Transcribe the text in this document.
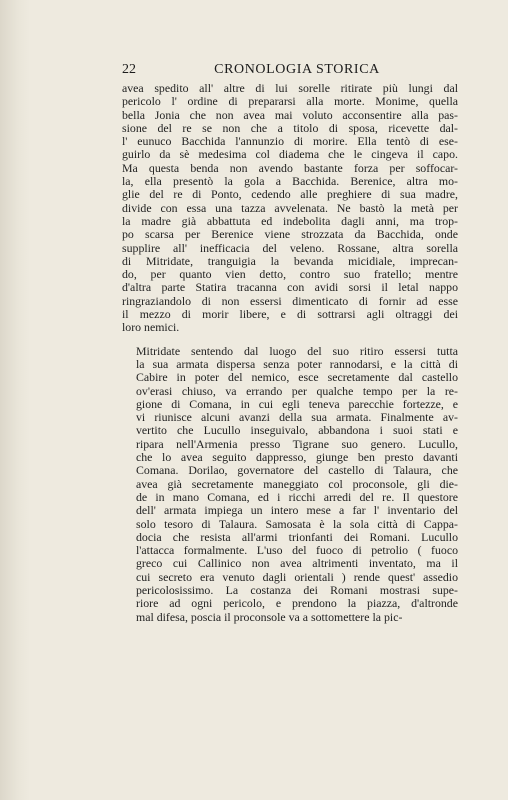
22	CRONOLOGIA STORICA
avea spedito all' altre di lui sorelle ritirate più lungi dal
pericolo l' ordine di prepararsi alla morte. Monime, quella
bella Jonia che non avea mai voluto acconsentire alla pas-
sione del re se non che a titolo di sposa, ricevette dal-
l' eunuco Bacchida l'annunzio di morire. Ella tentò di ese-
guirlo da sè medesima col diadema che le cingeva il capo.
Ma questa benda non avendo bastante forza per soffocar-
la, ella presentò la gola a Bacchida. Berenice, altra mo-
glie del re di Ponto, cedendo alle preghiere di sua madre,
divide con essa una tazza avvelenata. Ne bastò la metà per
la madre già abbattuta ed indebolita dagli anni, ma trop-
po scarsa per Berenice viene strozzata da Bacchida, onde
supplire all' inefficacia del veleno. Rossane, altra sorella
di Mitridate, tranguigia la bevanda micidiale, imprecan-
do, per quanto vien detto, contro suo fratello; mentre
d'altra parte Statira tracanna con avidi sorsi il letal nappo
ringraziandolo di non essersi dimenticato di fornir ad esse
il mezzo di morir libere, e di sottrarsi agli oltraggi dei
loro nemici.
Mitridate sentendo dal luogo del suo ritiro essersi tutta
la sua armata dispersa senza poter rannodarsi, e la città di
Cabire in poter del nemico, esce secretamente dal castello
ov'erasi chiuso, va errando per qualche tempo per la re-
gione di Comana, in cui egli teneva parecchie fortezze, e
vi riunisce alcuni avanzi della sua armata. Finalmente av-
vertito che Lucullo inseguivalo, abbandona i suoi stati e
ripara nell'Armenia presso Tigrane suo genero. Lucullo,
che lo avea seguito dappresso, giunge ben presto davanti
Comana. Dorilao, governatore del castello di Talaura, che
avea già secretamente maneggiato col proconsole, gli die-
de in mano Comana, ed i ricchi arredi del re. Il questore
dell' armata impiega un intero mese a far l' inventario del
solo tesoro di Talaura. Samosata è la sola città di Cappa-
docia che resista all'armi trionfanti dei Romani. Lucullo
l'attacca formalmente. L'uso del fuoco di petrolio ( fuoco
greco cui Callinico non avea altrimenti inventato, ma il
cui secreto era venuto dagli orientali ) rende quest' assedio
pericolosissimo. La costanza dei Romani mostrasi supe-
riore ad ogni pericolo, e prendono la piazza, d'altronde
mal difesa, poscia il proconsole va a sottomettere la pic-
